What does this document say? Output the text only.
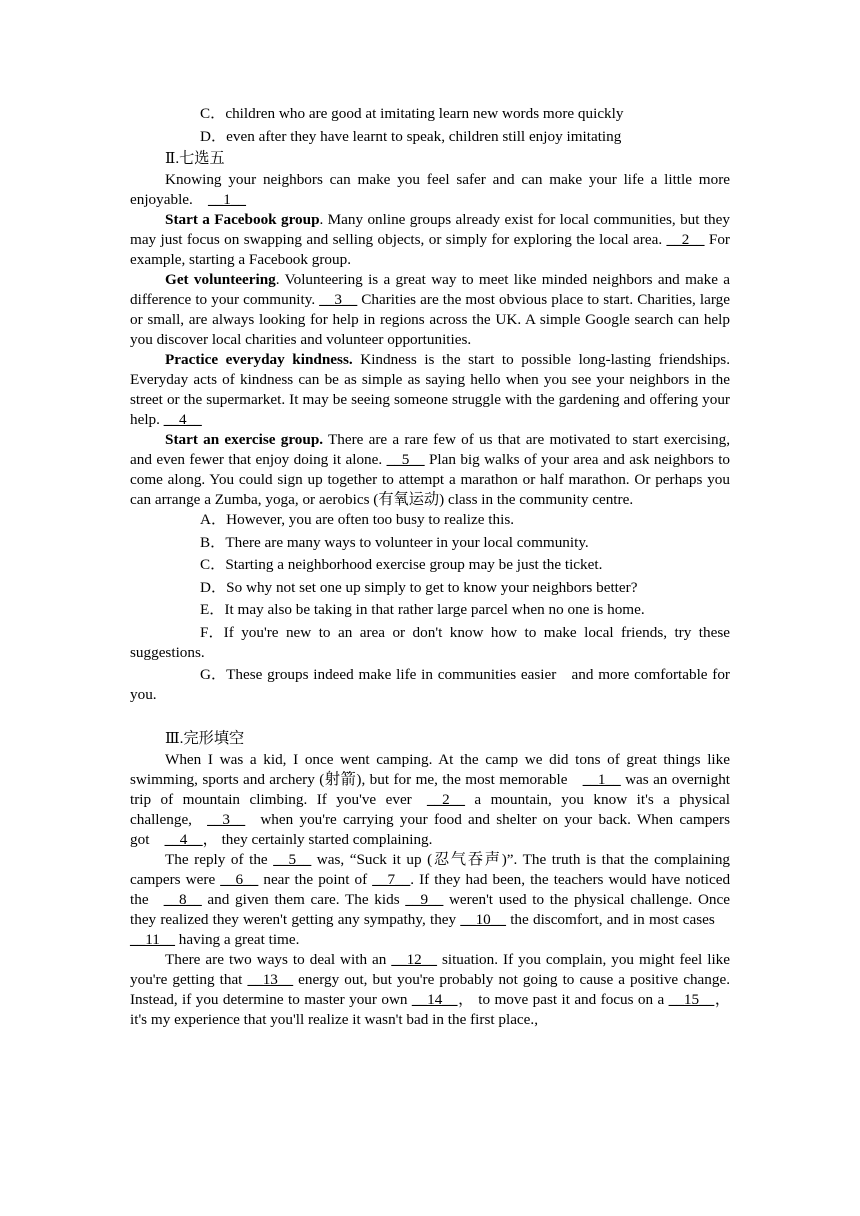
C．children who are good at imitating learn new words more quickly

D．even after they have learnt to speak, children still enjoy imitating

Ⅱ.七选五

Knowing your neighbors can make you feel safer and can make your life a little more enjoyable.  __1__

Start a Facebook group. Many online groups already exist for local communities, but they may just focus on swapping and selling objects, or simply for exploring the local area. __2__ For example, starting a Facebook group.

Get volunteering. Volunteering is a great way to meet like minded neighbors and make a difference to your community. __3__ Charities are the most obvious place to start. Charities, large or small, are always looking for help in regions across the UK. A simple Google search can help you discover local charities and volunteer opportunities.

Practice everyday kindness. Kindness is the start to possible long-lasting friendships. Everyday acts of kindness can be as simple as saying hello when you see your neighbors in the street or the supermarket. It may be seeing someone struggle with the gardening and offering your help. __4__

Start an exercise group. There are a rare few of us that are motivated to start exercising, and even fewer that enjoy doing it alone. __5__ Plan big walks of your area and ask neighbors to come along. You could sign up together to attempt a marathon or half marathon. Or perhaps you can arrange a Zumba, yoga, or aerobics (有氧运动) class in the community centre.

A．However, you are often too busy to realize this.

B．There are many ways to volunteer in your local community.

C．Starting a neighborhood exercise group may be just the ticket.

D．So why not set one up simply to get to know your neighbors better?

E．It may also be taking in that rather large parcel when no one is home.

F．If you're new to an area or don't know how to make local friends, try these suggestions.

G．These groups indeed make life in communities easier and more comfortable for you.

Ⅲ.完形填空

When I was a kid, I once went camping. At the camp we did tons of great things like swimming, sports and archery (射箭), but for me, the most memorable  __1__ was an overnight trip of mountain climbing. If you've ever  __2__ a mountain, you know it's a physical challenge,  __3__  when you're carrying your food and shelter on your back. When campers got  __4__， they certainly started complaining.

The reply of the __5__ was, “Suck it up (忍气吞声)”. The truth is that the complaining campers were __6__ near the point of __7__. If they had been, the teachers would have noticed the  __8__ and given them care. The kids __9__ weren't used to the physical challenge. Once they realized they weren't getting any sympathy, they __10__ the discomfort, and in most cases __11__ having a great time.

There are two ways to deal with an __12__ situation. If you complain, you might feel like you're getting that __13__ energy out, but you're probably not going to cause a positive change. Instead, if you determine to master your own __14__， to move past it and focus on a __15__， it's my experience that you'll realize it wasn't bad in the first place.,
